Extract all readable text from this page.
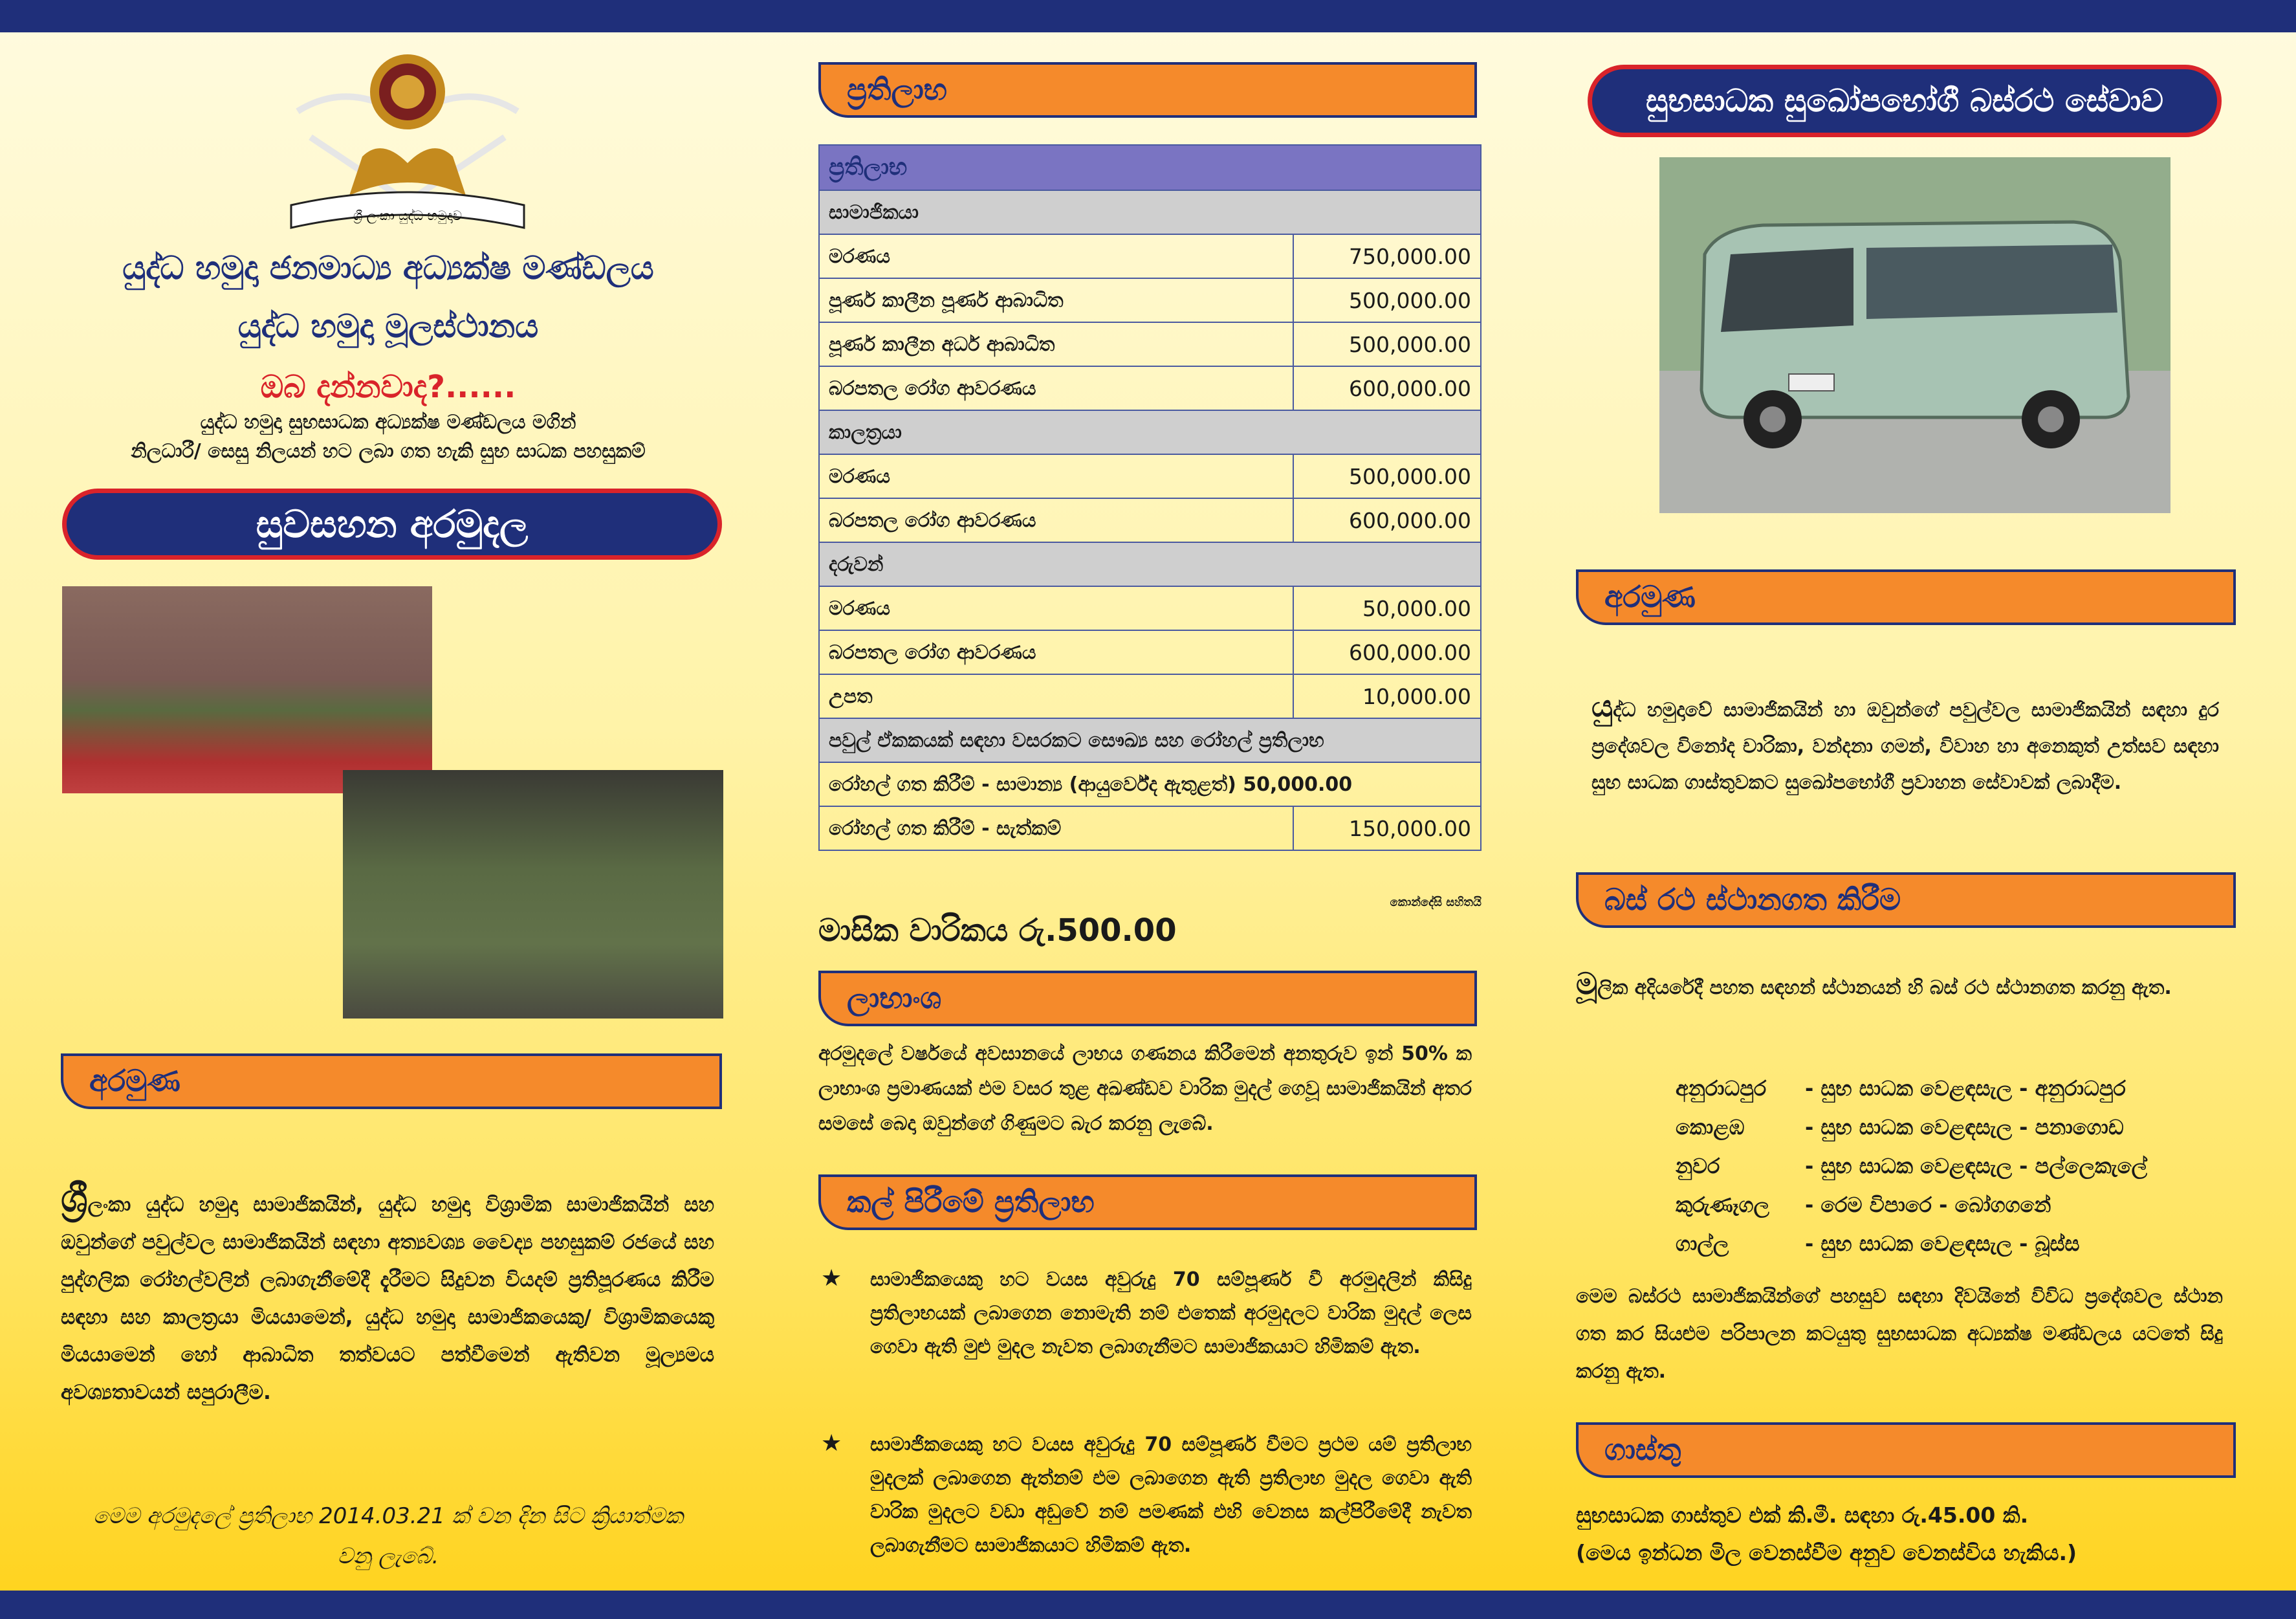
ශ්‍රී ලංකා යුද්ධ හමුදාව
යුද්ධ හමුදා ජනමාධ්‍ය අධ්‍යක්ෂ මණ්ඩලය
යුද්ධ හමුදා මූලස්ථානය
ඔබ දන්නවාද?......
යුද්ධ හමුදා සුභසාධක අධ්‍යක්ෂ මණ්ඩලය මගින්
නිලධාරී/ සෙසු නිලයන් හට ලබා ගත හැකි සුභ සාධක පහසුකම්
සුවසහන අරමුදල
අරමුණ
ශ්‍රීලංකා යුද්ධ හමුදා සාමාජිකයින්, යුද්ධ හමුදා විශ්‍රාමික සාමාජිකයින් සහ ඔවුන්ගේ පවුල්වල සාමාජිකයින් සඳහා අත්‍යවශ්‍ය වෛද්‍ය පහසුකම් රජයේ සහ පුද්ගලික රෝහල්වලින් ලබාගැනීමේදී දැරීමට සිදුවන වියදම් ප්‍රතිපූරණය කිරීම සඳහා සහ කාලත්‍රයා මියයාමෙන්, යුද්ධ හමුදා සාමාජිකයෙකු/ විශ්‍රාමිකයෙකු මියයාමෙන් හෝ ආබාධිත තත්වයට පත්වීමෙන් ඇතිවන මූල්‍යමය අවශ්‍යතාවයන් සපුරාලීම.
මෙම අරමුදලේ ප්‍රතිලාභ 2014.03.21 ක් වන දින සිට ක්‍රියාත්මක වනු ලැබේ.
ප්‍රතිලාභ
ප්‍රතිලාභ
සාමාජිකයා
මරණය	750,000.00
පූර්ණ කාලීන පූර්ණ ආබාධිත	500,000.00
පූර්ණ කාලීන අර්ධ ආබාධිත	500,000.00
බරපතල රෝග ආවරණය	600,000.00
කාලත්‍රයා
මරණය	500,000.00
බරපතල රෝග ආවරණය	600,000.00
දරුවන්
මරණය	50,000.00
බරපතල රෝග ආවරණය	600,000.00
උපත	10,000.00
පවුල් ඒකකයක් සඳහා වසරකට සෞඛ්‍ය සහ රෝහල් ප්‍රතිලාභ
රෝහල් ගත කිරීම් - සාමාන්‍ය (ආයුර්වේද ඇතුළත්) 50,000.00
රෝහල් ගත කිරීම් - සැත්කම්	150,000.00
කොන්දේසි සහිතයි
මාසික වාරිකය රු.500.00
ලාභාංශ
අරමුදලේ වර්ෂයේ අවසානයේ ලාභය ගණනය කිරීමෙන් අනතුරුව ඉන් 50% ක ලාභාංශ ප්‍රමාණයක් එම වසර තුළ අඛණ්ඩව වාරික මුදල් ගෙවූ සාමාජිකයින් අතර සමසේ බෙදා ඔවුන්ගේ ගිණුමට බැර කරනු ලැබේ.
කල් පිරීමේ ප්‍රතිලාභ
★ සාමාජිකයෙකු හට වයස අවුරුදු 70 සම්පූර්ණ වී අරමුදලින් කිසිදු ප්‍රතිලාභයක් ලබාගෙන නොමැති නම් එතෙක් අරමුදලට වාරික මුදල් ලෙස ගෙවා ඇති මුළු මුදල නැවත ලබාගැනීමට සාමාජිකයාට හිමිකම් ඇත.
★ සාමාජිකයෙකු හට වයස අවුරුදු 70 සම්පූර්ණ වීමට ප්‍රථම යම් ප්‍රතිලාභ මුදලක් ලබාගෙන ඇත්නම් එම ලබාගෙන ඇති ප්‍රතිලාභ මුදල ගෙවා ඇති වාරික මුදලට වඩා අඩුවේ නම් පමණක් එහි වෙනස කල්පිරීමේදී නැවත ලබාගැනීමට සාමාජිකයාට හිමිකම් ඇත.
සුභසාධක සුඛෝපභෝගී බස්රථ සේවාව
අරමුණ
යුද්ධ හමුදාවේ සාමාජිකයින් හා ඔවුන්ගේ පවුල්වල සාමාජිකයින් සඳහා දුර ප්‍රදේශවල විනෝද චාරිකා, වන්දනා ගමන්, විවාහ හා අනෙකුත් උත්සව සඳහා සුභ සාධක ගාස්තුවකට සුඛෝපභෝගී ප්‍රවාහන සේවාවක් ලබාදීම.
බස් රථ ස්ථානගත කිරීම
මූලික අදියරේදී පහත සඳහන් ස්ථානයන් හි බස් රථ ස්ථානගත කරනු ඇත.
අනුරාධපුර - සුභ සාධක වෙළඳසැල - අනුරාධපුර
කොළඹ	- සුභ සාධක වෙළඳසැල - පනාගොඩ
නුවර	- සුභ සාධක වෙළඳසැල - පල්ලෙකැලේ
කුරුණෑගල - රෙම විපාරෙ - බෝගගනේ
ගාල්ල	- සුභ සාධක වෙළඳසැල - බූස්ස
මෙම බස්රථ සාමාජිකයින්ගේ පහසුව සඳහා දිවයිනේ විවිධ ප්‍රදේශවල ස්ථාන ගත කර සියළුම පරිපාලන කටයුතු සුභසාධක අධ්‍යක්ෂ මණ්ඩලය යටතේ සිදු කරනු ඇත.
ගාස්තු
සුභසාධක ගාස්තුව එක් කි.මී. සඳහා රු.45.00 කි.
(මෙය ඉන්ධන මිල වෙනස්වීම අනුව වෙනස්විය හැකිය.)
